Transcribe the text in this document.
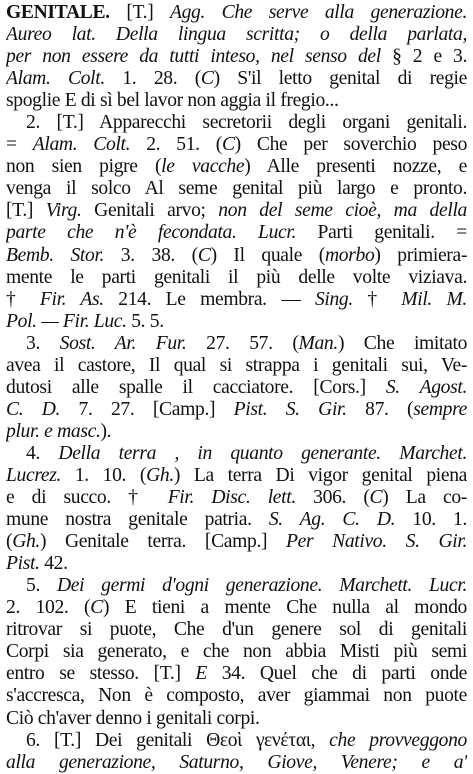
GENITALE. [T.] Agg. Che serve alla generazione.
Aureo lat. Della lingua scritta; o della parlata,
per non essere da tutti inteso, nel senso del § 2 e 3.
Alam. Colt. 1. 28. (C) S'il letto genital di regie
spoglie E di sì bel lavor non aggia il fregio...
2. [T.] Apparecchi secretorii degli organi genitali.
= Alam. Colt. 2. 51. (C) Che per soverchio peso
non sien pigre (le vacche) Alle presenti nozze, e
venga il solco Al seme genital più largo e pronto.
[T.] Virg. Genitali arvo; non del seme cioè, ma della
parte che n'è fecondata. Lucr. Parti genitali. =
Bemb. Stor. 3. 38. (C) Il quale (morbo) primiera-
mente le parti genitali il più delle volte viziava.
† Fir. As. 214. Le membra. — Sing. † Mil. M.
Pol. — Fir. Luc. 5. 5.
3. Sost. Ar. Fur. 27. 57. (Man.) Che imitato
avea il castore, Il qual si strappa i genitali sui, Ve-
dutosi alle spalle il cacciatore. [Cors.] S. Agost.
C. D. 7. 27. [Camp.] Pist. S. Gir. 87. (sempre
plur. e masc.).
4. Della terra , in quanto generante. Marchet.
Lucrez. 1. 10. (Gh.) La terra Di vigor genital piena
e di succo. † Fir. Disc. lett. 306. (C) La co-
mune nostra genitale patria. S. Ag. C. D. 10. 1.
(Gh.) Genitale terra. [Camp.] Per Nativo. S. Gir.
Pist. 42.
5. Dei germi d'ogni generazione. Marchett. Lucr.
2. 102. (C) E tieni a mente Che nulla al mondo
ritrovar si puote, Che d'un genere sol di genitali
Corpi sia generato, e che non abbia Misti più semi
entro se stesso. [T.] E 34. Quel che di parti onde
s'accresca, Non è composto, aver giammai non puote
Ciò ch'aver denno i genitali corpi.
6. [T.] Dei genitali Θεοὶ γενέται, che provveggono
alla generazione, Saturno, Giove, Venere; e a'
